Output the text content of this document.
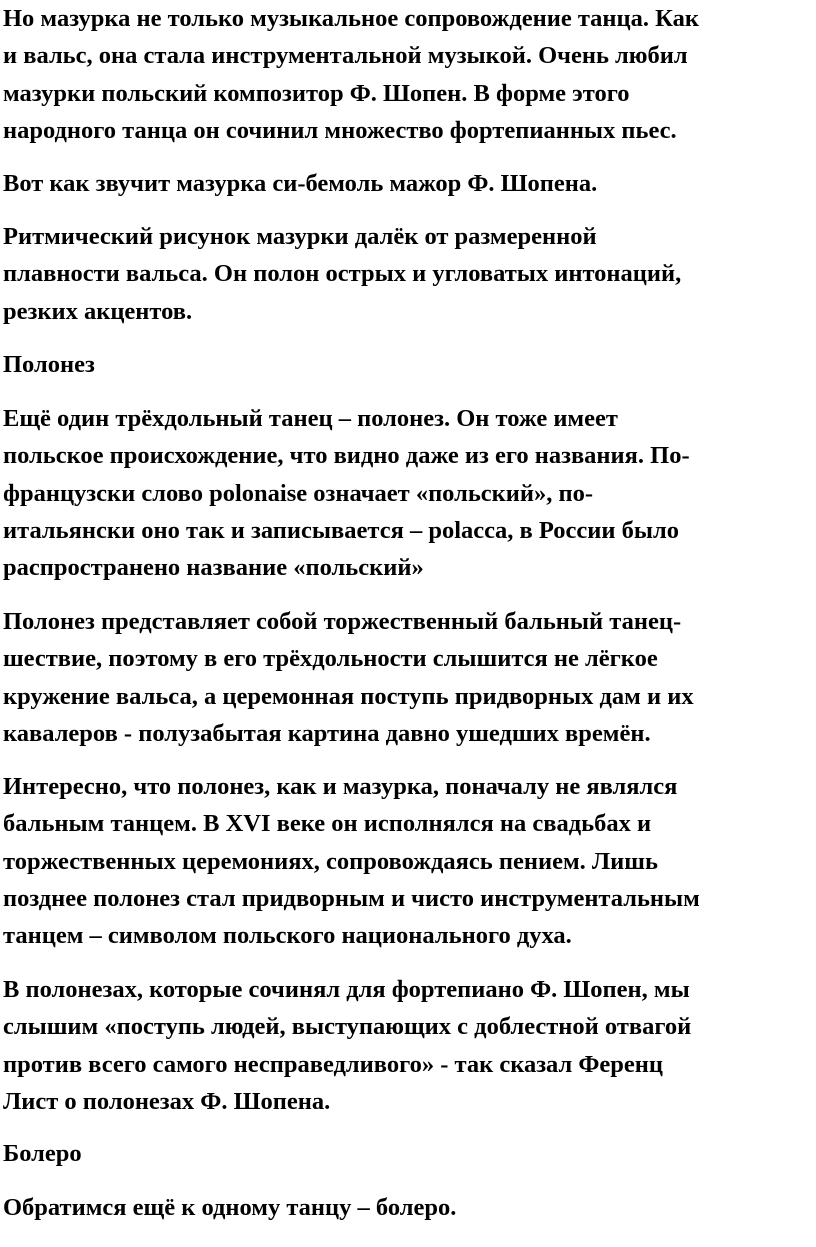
Но мазурка не только музыкальное сопровождение танца. Как
и вальс, она стала инструментальной музыкой. Очень любил
мазурки польский композитор Ф. Шопен. В форме этого
народного танца он сочинил множество фортепианных пьес.

Вот как звучит мазурка си-бемоль мажор Ф. Шопена.

Ритмический рисунок мазурки далёк от размеренной
плавности вальса. Он полон острых и угловатых интонаций,
резких акцентов.

Полонез

Ещё один трёхдольный танец – полонез. Он тоже имеет
польское происхождение, что видно даже из его названия. По-
французски слово polonaise означает «польский», по-
итальянски оно так и записывается – polacca, в России было
распространено название «польский»

Полонез представляет собой торжественный бальный танец-
шествие, поэтому в его трёхдольности слышится не лёгкое
кружение вальса, а церемонная поступь придворных дам и их
кавалеров - полузабытая картина давно ушедших времён.

Интересно, что полонез, как и мазурка, поначалу не являлся
бальным танцем. В XVI веке он исполнялся на свадьбах и
торжественных церемониях, сопровождаясь пением. Лишь
позднее полонез стал придворным и чисто инструментальным
танцем – символом польского национального духа.

В полонезах, которые сочинял для фортепиано Ф. Шопен, мы
слышим «поступь людей, выступающих с доблестной отвагой
против всего самого несправедливого» - так сказал Ференц
Лист о полонезах Ф. Шопена.

Болеро

Обратимся ещё к одному танцу – болеро.
